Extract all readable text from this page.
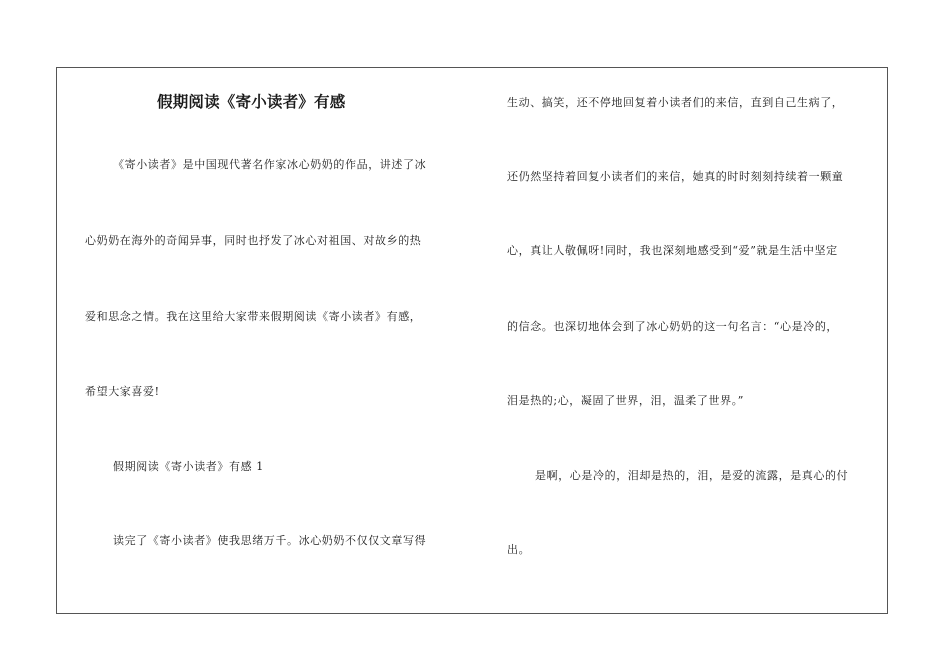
假期阅读《寄小读者》有感
《寄小读者》是中国现代著名作家冰心奶奶的作品，讲述了冰
心奶奶在海外的奇闻异事，同时也抒发了冰心对祖国、对故乡的热
爱和思念之情。我在这里给大家带来假期阅读《寄小读者》有感，
希望大家喜爱!
假期阅读《寄小读者》有感 1
读完了《寄小读者》使我思绪万千。冰心奶奶不仅仅文章写得
生动、搞笑，还不停地回复着小读者们的来信，直到自己生病了，
还仍然坚持着回复小读者们的来信，她真的时时刻刻持续着一颗童
心，真让人敬佩呀!同时，我也深刻地感受到“爱”就是生活中坚定
的信念。也深切地体会到了冰心奶奶的这一句名言：“心是冷的，
泪是热的;心，凝固了世界，泪，温柔了世界。”
是啊，心是冷的，泪却是热的，泪，是爱的流露，是真心的付
出。
